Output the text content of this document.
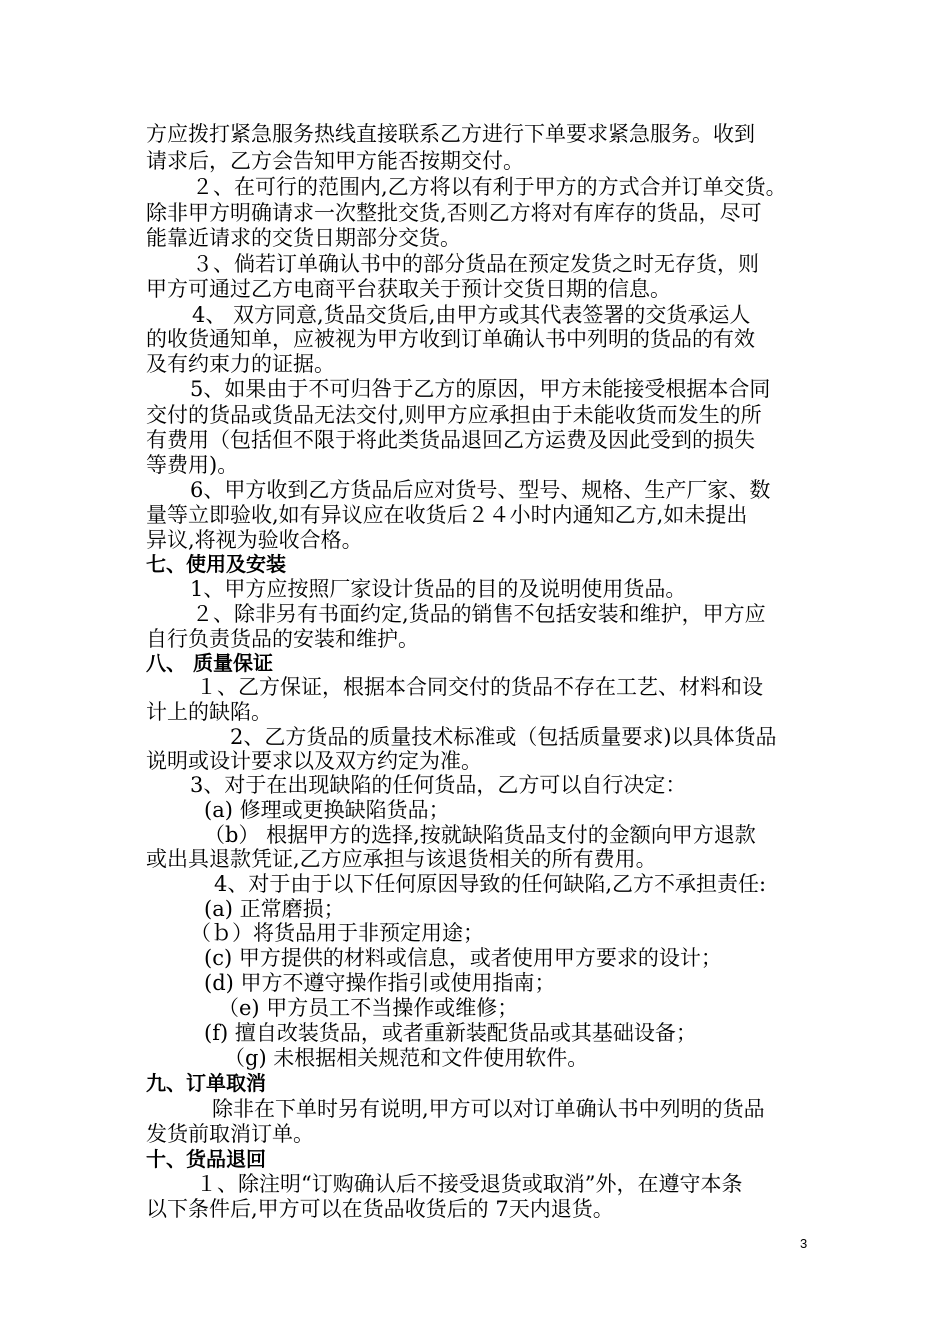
方应拨打紧急服务热线直接联系乙方进行下单要求紧急服务。收到
请求后，乙方会告知甲方能否按期交付。
２、在可行的范围内,乙方将以有利于甲方的方式合并订单交货。
除非甲方明确请求一次整批交货,否则乙方将对有库存的货品，尽可
能靠近请求的交货日期部分交货。
３、倘若订单确认书中的部分货品在预定发货之时无存货，则
甲方可通过乙方电商平台获取关于预计交货日期的信息。
4、 双方同意,货品交货后,由甲方或其代表签署的交货承运人
的收货通知单，应被视为甲方收到订单确认书中列明的货品的有效
及有约束力的证据。
5、如果由于不可归咎于乙方的原因，甲方未能接受根据本合同
交付的货品或货品无法交付,则甲方应承担由于未能收货而发生的所
有费用（包括但不限于将此类货品退回乙方运费及因此受到的损失
等费用)。
6、甲方收到乙方货品后应对货号、型号、规格、生产厂家、数
量等立即验收,如有异议应在收货后２４小时内通知乙方,如未提出
异议,将视为验收合格。
七、使用及安装
1、甲方应按照厂家设计货品的目的及说明使用货品。
２、除非另有书面约定,货品的销售不包括安装和维护，甲方应
自行负责货品的安装和维护。
八、 质量保证
１、乙方保证，根据本合同交付的货品不存在工艺、材料和设
计上的缺陷。
2、乙方货品的质量技术标准或（包括质量要求)以具体货品
说明或设计要求以及双方约定为准。
3、对于在出现缺陷的任何货品，乙方可以自行决定：
(a) 修理或更换缺陷货品；
（b） 根据甲方的选择,按就缺陷货品支付的金额向甲方退款
或出具退款凭证,乙方应承担与该退货相关的所有费用。
4、对于由于以下任何原因导致的任何缺陷,乙方不承担责任:
(a) 正常磨损；
（ｂ）将货品用于非预定用途；
(c) 甲方提供的材料或信息，或者使用甲方要求的设计；
(d) 甲方不遵守操作指引或使用指南；
（e) 甲方员工不当操作或维修；
(f) 擅自改装货品，或者重新装配货品或其基础设备；
（g) 未根据相关规范和文件使用软件。
九、订单取消
除非在下单时另有说明,甲方可以对订单确认书中列明的货品
发货前取消订单。
十、货品退回
１、除注明“订购确认后不接受退货或取消”外，在遵守本条
以下条件后,甲方可以在货品收货后的 7天内退货。
3
